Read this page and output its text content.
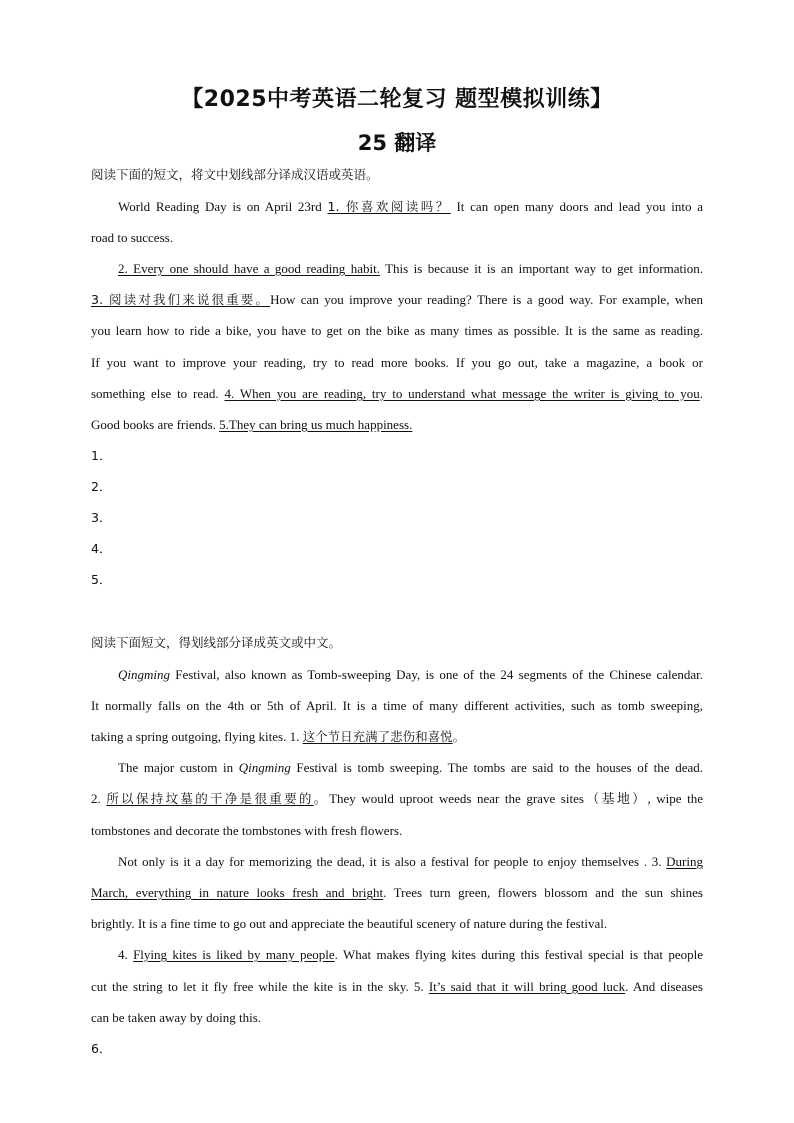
【2025中考英语二轮复习 题型模拟训练】
25 翻译
阅读下面的短文，将文中划线部分译成汉语或英语。
World Reading Day is on April 23rd 1. 你喜欢阅读吗？ It can open many doors and lead you into a
road to success.
2. Every one should have a good reading habit. This is because it is an important way to get information.
3. 阅读对我们来说很重要。How can you improve your reading? There is a good way. For example, when
you learn how to ride a bike, you have to get on the bike as many times as possible. It is the same as reading.
If you want to improve your reading, try to read more books. If you go out, take a magazine, a book or
something else to read. 4. When you are reading, try to understand what message the writer is giving to you.
Good books are friends. 5.They can bring us much happiness.
1．
2．
3．
4．
5．
阅读下面短文，得划线部分译成英文或中文。
Qingming Festival, also known as Tomb-sweeping Day, is one of the 24 segments of the Chinese calendar.
It normally falls on the 4th or 5th of April. It is a time of many different activities, such as tomb sweeping,
taking a spring outgoing, flying kites. 1. 这个节日充满了悲伤和喜悦。
The major custom in Qingming Festival is tomb sweeping. The tombs are said to the houses of the dead.
2. 所以保持坟墓的干净是很重要的。They would uproot weeds near the grave sites（基地）, wipe the
tombstones and decorate the tombstones with fresh flowers.
Not only is it a day for memorizing the dead, it is also a festival for people to enjoy themselves . 3. During
March, everything in nature looks fresh and bright. Trees turn green, flowers blossom and the sun shines
brightly. It is a fine time to go out and appreciate the beautiful scenery of nature during the festival.
4. Flying kites is liked by many people. What makes flying kites during this festival special is that people
cut the string to let it fly free while the kite is in the sky. 5. It’s said that it will bring good luck. And diseases
can be taken away by doing this.
6．
